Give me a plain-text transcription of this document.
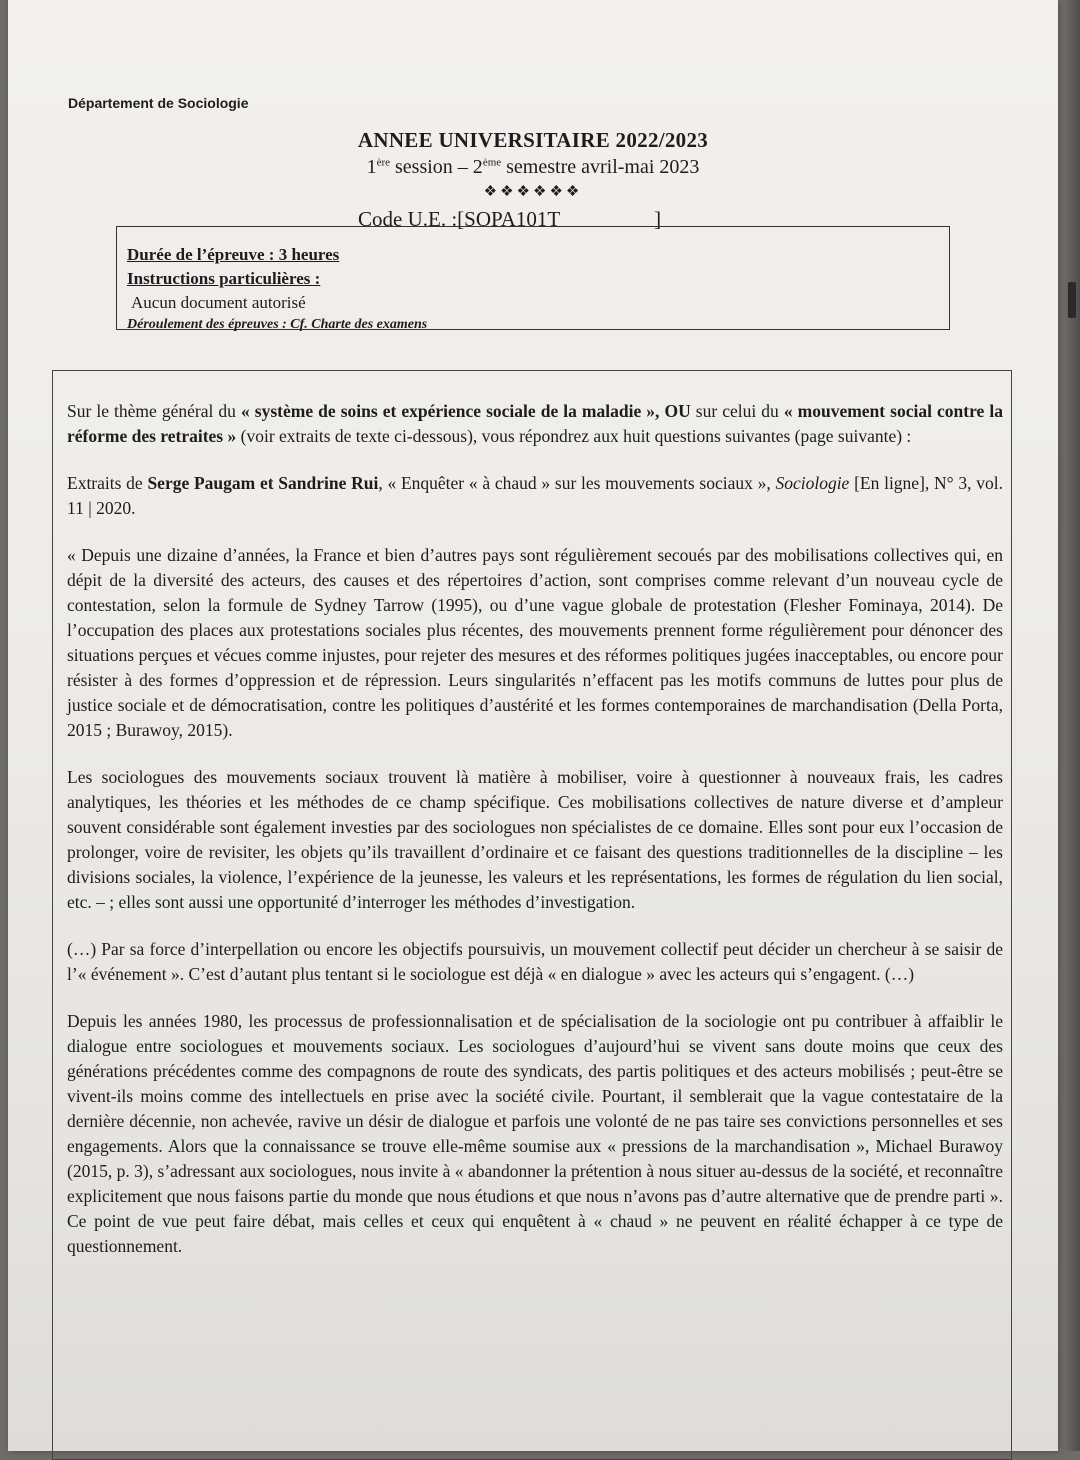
Département de Sociologie
ANNEE UNIVERSITAIRE 2022/2023
1ère session – 2ème semestre avril-mai 2023
❖❖❖❖❖❖
Code U.E. :[SOPA101T	]
Durée de l’épreuve : 3 heures
Instructions particulières :
Aucun document autorisé
Déroulement des épreuves : Cf. Charte des examens

Sur le thème général du « système de soins et expérience sociale de la maladie », OU sur celui du « mouvement social contre la réforme des retraites » (voir extraits de texte ci-dessous), vous répondrez aux huit questions suivantes (page suivante) :

Extraits de Serge Paugam et Sandrine Rui, « Enquêter « à chaud » sur les mouvements sociaux », Sociologie [En ligne], N° 3, vol. 11 | 2020.

« Depuis une dizaine d’années, la France et bien d’autres pays sont régulièrement secoués par des mobilisations collectives qui, en dépit de la diversité des acteurs, des causes et des répertoires d’action, sont comprises comme relevant d’un nouveau cycle de contestation, selon la formule de Sydney Tarrow (1995), ou d’une vague globale de protestation (Flesher Fominaya, 2014). De l’occupation des places aux protestations sociales plus récentes, des mouvements prennent forme régulièrement pour dénoncer des situations perçues et vécues comme injustes, pour rejeter des mesures et des réformes politiques jugées inacceptables, ou encore pour résister à des formes d’oppression et de répression. Leurs singularités n’effacent pas les motifs communs de luttes pour plus de justice sociale et de démocratisation, contre les politiques d’austérité et les formes contemporaines de marchandisation (Della Porta, 2015 ; Burawoy, 2015).

Les sociologues des mouvements sociaux trouvent là matière à mobiliser, voire à questionner à nouveaux frais, les cadres analytiques, les théories et les méthodes de ce champ spécifique. Ces mobilisations collectives de nature diverse et d’ampleur souvent considérable sont également investies par des sociologues non spécialistes de ce domaine. Elles sont pour eux l’occasion de prolonger, voire de revisiter, les objets qu’ils travaillent d’ordinaire et ce faisant des questions traditionnelles de la discipline – les divisions sociales, la violence, l’expérience de la jeunesse, les valeurs et les représentations, les formes de régulation du lien social, etc. – ; elles sont aussi une opportunité d’interroger les méthodes d’investigation.

(…) Par sa force d’interpellation ou encore les objectifs poursuivis, un mouvement collectif peut décider un chercheur à se saisir de l’« événement ». C’est d’autant plus tentant si le sociologue est déjà « en dialogue » avec les acteurs qui s’engagent. (…)

Depuis les années 1980, les processus de professionnalisation et de spécialisation de la sociologie ont pu contribuer à affaiblir le dialogue entre sociologues et mouvements sociaux. Les sociologues d’aujourd’hui se vivent sans doute moins que ceux des générations précédentes comme des compagnons de route des syndicats, des partis politiques et des acteurs mobilisés ; peut-être se vivent-ils moins comme des intellectuels en prise avec la société civile. Pourtant, il semblerait que la vague contestataire de la dernière décennie, non achevée, ravive un désir de dialogue et parfois une volonté de ne pas taire ses convictions personnelles et ses engagements. Alors que la connaissance se trouve elle-même soumise aux « pressions de la marchandisation », Michael Burawoy (2015, p. 3), s’adressant aux sociologues, nous invite à « abandonner la prétention à nous situer au-dessus de la société, et reconnaître explicitement que nous faisons partie du monde que nous étudions et que nous n’avons pas d’autre alternative que de prendre parti ». Ce point de vue peut faire débat, mais celles et ceux qui enquêtent à « chaud » ne peuvent en réalité échapper à ce type de questionnement.
